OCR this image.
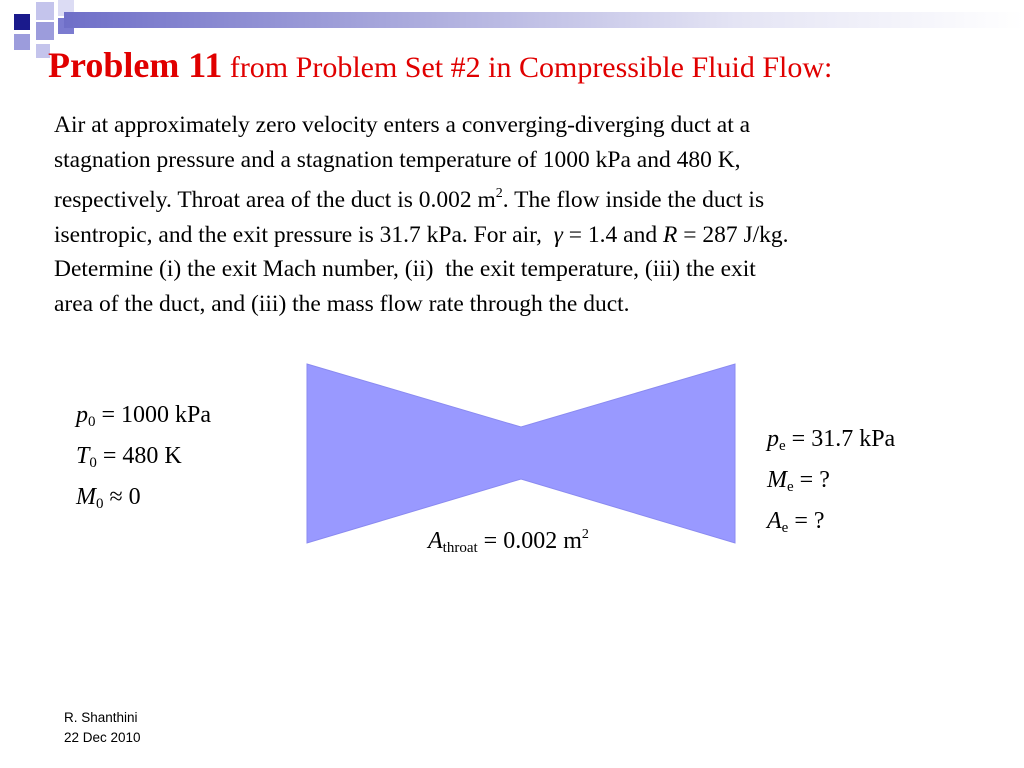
Problem 11 from Problem Set #2 in Compressible Fluid Flow:
Air at approximately zero velocity enters a converging-diverging duct at a
stagnation pressure and a stagnation temperature of 1000 kPa and 480 K,
respectively. Throat area of the duct is 0.002 $m^2$. The flow inside the duct is
isentropic, and the exit pressure is 31.7 kPa. For air,  γ = 1.4 and R = 287 J/kg.
Determine (i) the exit Mach number, (ii)  the exit temperature, (iii) the exit
area of the duct, and (iii) the mass flow rate through the duct.
$p_0 = 1000$ kPa
$T_0 = 480$ K
$M_0 \approx 0$
$p_e = 31.7$ kPa
$M_e$ = ?
$A_e$ = ?
$A_{throat} = 0.002$ $m^2$
R. Shanthini
22 Dec 2010
